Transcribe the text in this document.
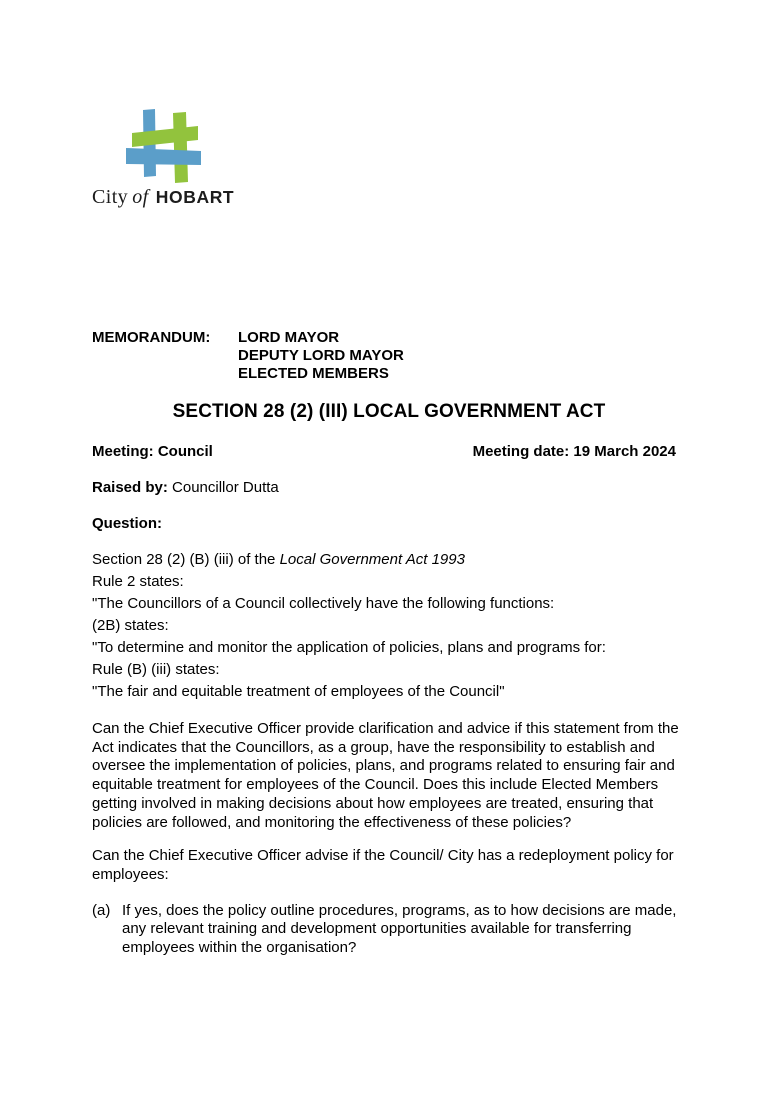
City of HOBART
MEMORANDUM:	LORD MAYOR
DEPUTY LORD MAYOR
ELECTED MEMBERS
SECTION 28 (2) (III) LOCAL GOVERNMENT ACT
Meeting: Council	Meeting date: 19 March 2024
Raised by: Councillor Dutta
Question:
Section 28 (2) (B) (iii) of the Local Government Act 1993
Rule 2 states:
"The Councillors of a Council collectively have the following functions:
(2B) states:
"To determine and monitor the application of policies, plans and programs for:
Rule (B) (iii) states:
"The fair and equitable treatment of employees of the Council"

Can the Chief Executive Officer provide clarification and advice if this statement from the Act indicates that the Councillors, as a group, have the responsibility to establish and oversee the implementation of policies, plans, and programs related to ensuring fair and equitable treatment for employees of the Council. Does this include Elected Members getting involved in making decisions about how employees are treated, ensuring that policies are followed, and monitoring the effectiveness of these policies?

Can the Chief Executive Officer advise if the Council/ City has a redeployment policy for employees:

(a) If yes, does the policy outline procedures, programs, as to how decisions are made, any relevant training and development opportunities available for transferring employees within the organisation?
